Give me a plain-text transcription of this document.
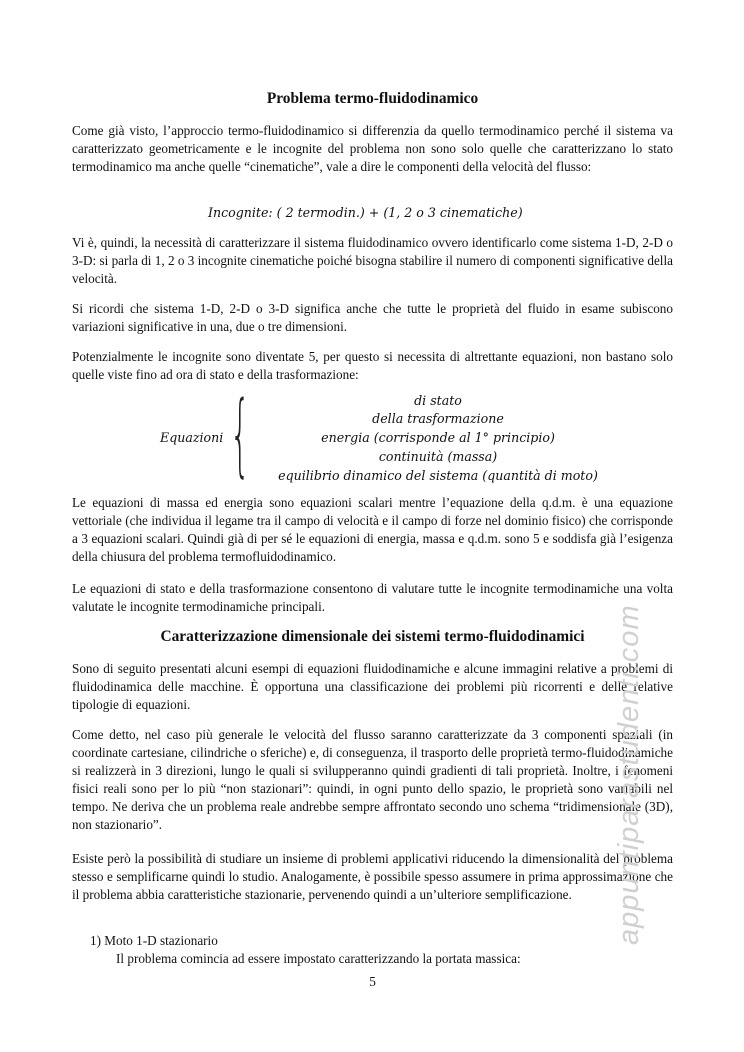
Problema termo-fluidodinamico

Come già visto, l’approccio termo-fluidodinamico si differenzia da quello termodinamico perché il sistema va caratterizzato geometricamente e le incognite del problema non sono solo quelle che caratterizzano lo stato termodinamico ma anche quelle “cinematiche”, vale a dire le componenti della velocità del flusso:

Incognite: ( 2 termodin.) + (1, 2 o 3 cinematiche)

Vi è, quindi, la necessità di caratterizzare il sistema fluidodinamico ovvero identificarlo come sistema 1-D, 2-D o 3-D: si parla di 1, 2 o 3 incognite cinematiche poiché bisogna stabilire il numero di componenti significative della velocità.

Si ricordi che sistema 1-D, 2-D o 3-D significa anche che tutte le proprietà del fluido in esame subiscono variazioni significative in una, due o tre dimensioni.

Potenzialmente le incognite sono diventate 5, per questo si necessita di altrettante equazioni, non bastano solo quelle viste fino ad ora di stato e della trasformazione:

Equazioni {	di stato
della trasformazione
energia (corrisponde al 1° principio)
continuità (massa)
equilibrio dinamico del sistema (quantità di moto)

Le equazioni di massa ed energia sono equazioni scalari mentre l’equazione della q.d.m. è una equazione vettoriale (che individua il legame tra il campo di velocità e il campo di forze nel dominio fisico) che corrisponde a 3 equazioni scalari. Quindi già di per sé le equazioni di energia, massa e q.d.m. sono 5 e soddisfa già l’esigenza della chiusura del problema termofluidodinamico.

Le equazioni di stato e della trasformazione consentono di valutare tutte le incognite termodinamiche una volta valutate le incognite termodinamiche principali.

Caratterizzazione dimensionale dei sistemi termo-fluidodinamici

Sono di seguito presentati alcuni esempi di equazioni fluidodinamiche e alcune immagini relative a problemi di fluidodinamica delle macchine. È opportuna una classificazione dei problemi più ricorrenti e delle relative tipologie di equazioni.

Come detto, nel caso più generale le velocità del flusso saranno caratterizzate da 3 componenti spaziali (in coordinate cartesiane, cilindriche o sferiche) e, di conseguenza, il trasporto delle proprietà termo-fluidodinamiche si realizzerà in 3 direzioni, lungo le quali si svilupperanno quindi gradienti di tali proprietà. Inoltre, i fenomeni fisici reali sono per lo più “non stazionari”: quindi, in ogni punto dello spazio, le proprietà sono variabili nel tempo. Ne deriva che un problema reale andrebbe sempre affrontato secondo uno schema “tridimensionale (3D), non stazionario”.

Esiste però la possibilità di studiare un insieme di problemi applicativi riducendo la dimensionalità del problema stesso e semplificarne quindi lo studio. Analogamente, è possibile spesso assumere in prima approssimazione che il problema abbia caratteristiche stazionarie, pervenendo quindi a un’ulteriore semplificazione.

1) Moto 1-D stazionario
Il problema comincia ad essere impostato caratterizzando la portata massica:
5
appuntiparastudenti.com
